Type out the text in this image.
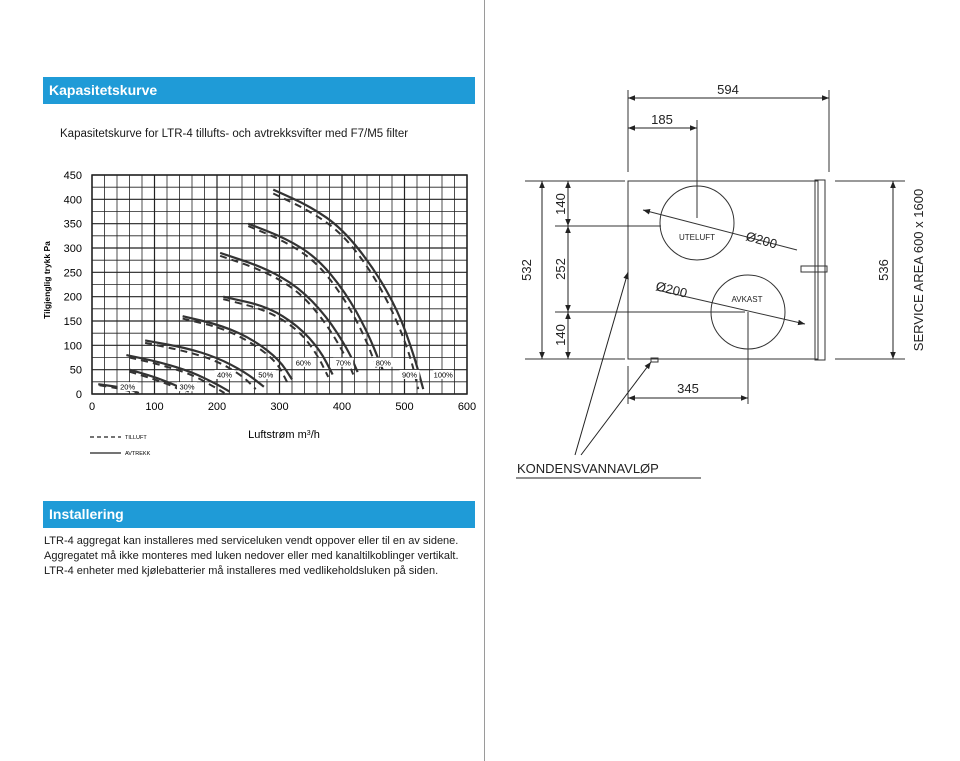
Kapasitetskurve
Kapasitetskurve for LTR-4 tillufts- och avtrekksvifter med F7/M5 filter
20%	30%
40%	50%
60%	70%	80%
90% 100%
0	100	200	300	400	500	600
0
50
100
150
200
250
300
350
400
450
Tilgjenglig trykk Pa
Luftstrøm $m^3/h$
TILLUFT
AVTREKK
Installering
LTR-4 aggregat kan installeres med serviceluken vendt oppover eller til en av sidene.
Aggregatet må ikke monteres med luken nedover eller med kanaltilkoblinger vertikalt.
LTR-4 enheter med kjølebatterier må installeres med vedlikeholdsluken på siden.
594
185
532
140
252
140
345
536 SERVICE AREA 600 x 1600
Ø200
Ø200
KONDENSVANNAVLØP
UTELUFT
AVKAST
